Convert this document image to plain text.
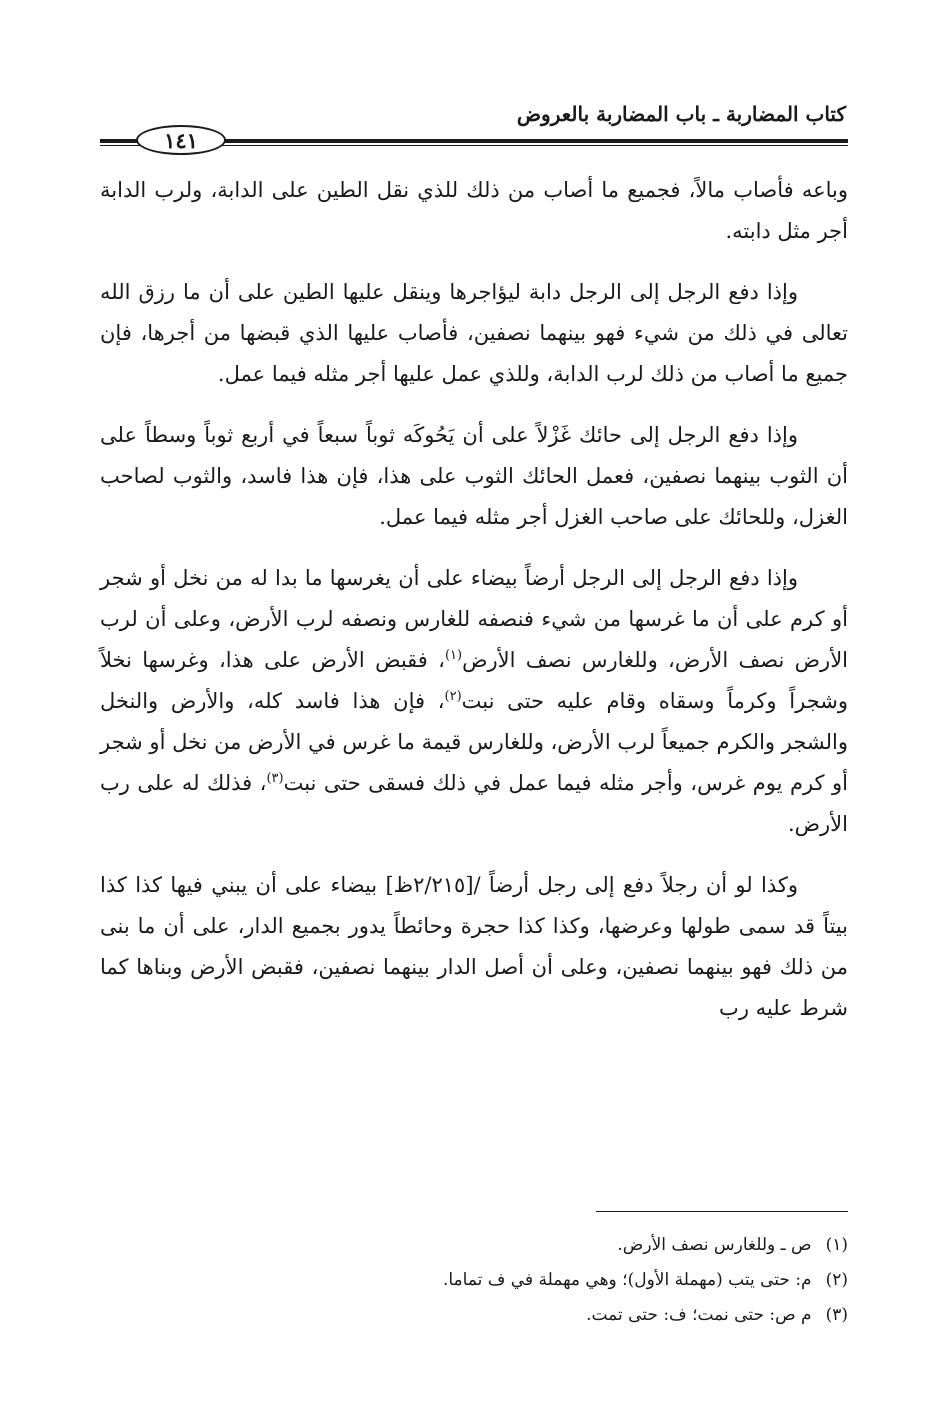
كتاب المضاربة ـ باب المضاربة بالعروض
١٤١

وباعه فأصاب مالاً، فجميع ما أصاب من ذلك للذي نقل الطين على الدابة، ولرب الدابة أجر مثل دابته.

وإذا دفع الرجل إلى الرجل دابة ليؤاجرها وينقل عليها الطين على أن ما رزق الله تعالى في ذلك من شيء فهو بينهما نصفين، فأصاب عليها الذي قبضها من أجرها، فإن جميع ما أصاب من ذلك لرب الدابة، وللذي عمل عليها أجر مثله فيما عمل.

وإذا دفع الرجل إلى حائك غَزْلاً على أن يَحُوكَه ثوباً سبعاً في أربع ثوباً وسطاً على أن الثوب بينهما نصفين، فعمل الحائك الثوب على هذا، فإن هذا فاسد، والثوب لصاحب الغزل، وللحائك على صاحب الغزل أجر مثله فيما عمل.

وإذا دفع الرجل إلى الرجل أرضاً بيضاء على أن يغرسها ما بدا له من نخل أو شجر أو كرم على أن ما غرسها من شيء فنصفه للغارس ونصفه لرب الأرض، وعلى أن لرب الأرض نصف الأرض، وللغارس نصف الأرض$^{(١)}$، فقبض الأرض على هذا، وغرسها نخلاً وشجراً وكرماً وسقاه وقام عليه حتى نبت$^{(٢)}$، فإن هذا فاسد كله، والأرض والنخل والشجر والكرم جميعاً لرب الأرض، وللغارس قيمة ما غرس في الأرض من نخل أو شجر أو كرم يوم غرس، وأجر مثله فيما عمل في ذلك فسقى حتى نبت$^{(٣)}$، فذلك له على رب الأرض.

وكذا لو أن رجلاً دفع إلى رجل أرضاً /[٢/٢١٥ظ] بيضاء على أن يبني فيها كذا كذا بيتاً قد سمى طولها وعرضها، وكذا كذا حجرة وحائطاً يدور بجميع الدار، على أن ما بنى من ذلك فهو بينهما نصفين، وعلى أن أصل الدار بينهما نصفين، فقبض الأرض وبناها كما شرط عليه رب

(١)
ص ـ وللغارس نصف الأرض.
(٢)
م: حتى يتب (مهملة الأول)؛ وهي مهملة في ف تماما.
(٣)
م ص: حتى نمت؛ ف: حتى تمت.
